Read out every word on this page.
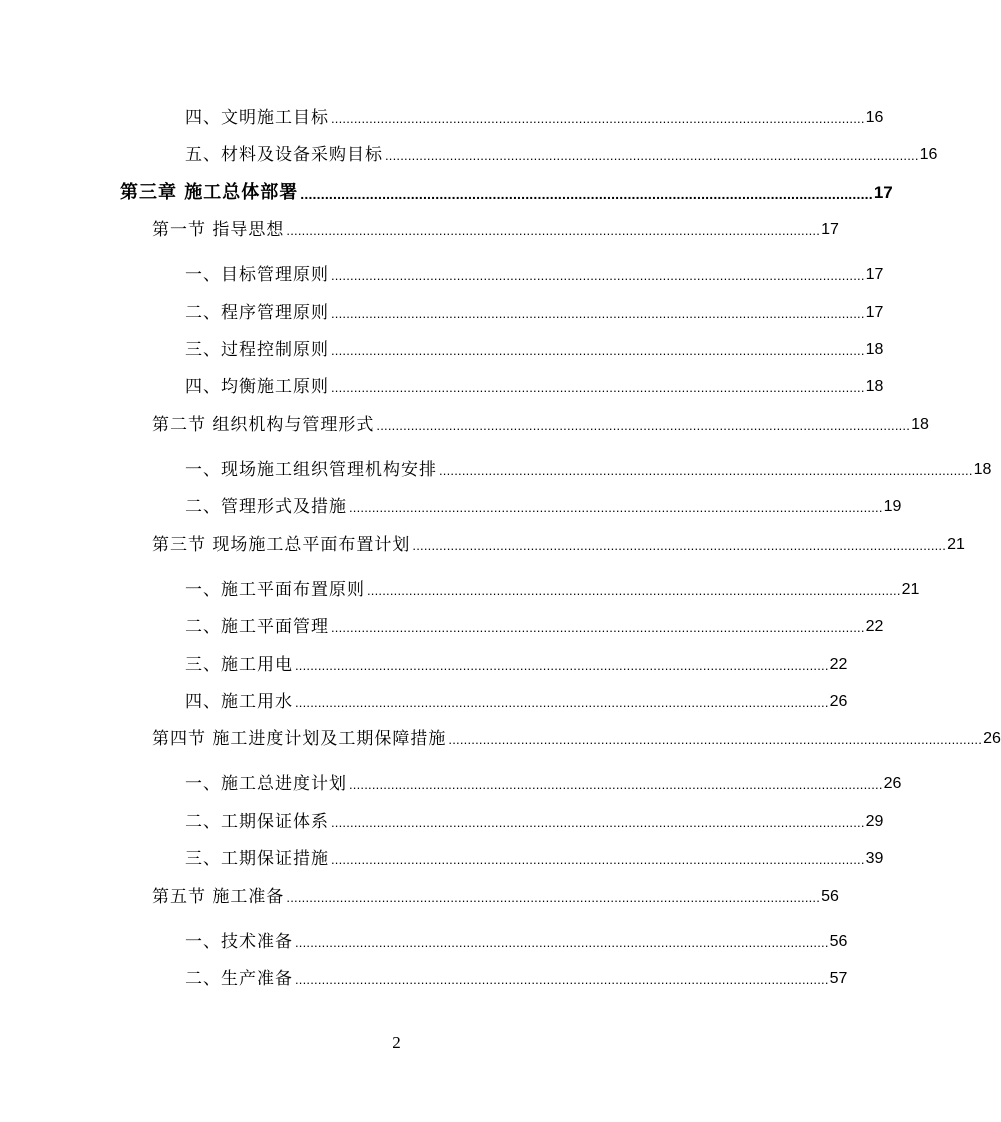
四、文明施工目标 ............................................................................................................................................ 16
五、材料及设备采购目标 ............................................................................................................................................ 16
第三章 施工总体部署 ............................................................................................................................................ 17
第一节 指导思想 ............................................................................................................................................ 17
一、目标管理原则 ............................................................................................................................................ 17
二、程序管理原则 ............................................................................................................................................ 17
三、过程控制原则 ............................................................................................................................................ 18
四、均衡施工原则 ............................................................................................................................................ 18
第二节 组织机构与管理形式 ............................................................................................................................................ 18
一、现场施工组织管理机构安排 ............................................................................................................................................ 18
二、管理形式及措施 ............................................................................................................................................ 19
第三节 现场施工总平面布置计划 ............................................................................................................................................ 21
一、施工平面布置原则 ............................................................................................................................................ 21
二、施工平面管理 ............................................................................................................................................ 22
三、施工用电 ............................................................................................................................................ 22
四、施工用水 ............................................................................................................................................ 26
第四节 施工进度计划及工期保障措施 ............................................................................................................................................ 26
一、施工总进度计划 ............................................................................................................................................ 26
二、工期保证体系 ............................................................................................................................................ 29
三、工期保证措施 ............................................................................................................................................ 39
第五节 施工准备 ............................................................................................................................................ 56
一、技术准备 ............................................................................................................................................ 56
二、生产准备 ............................................................................................................................................ 57
2
